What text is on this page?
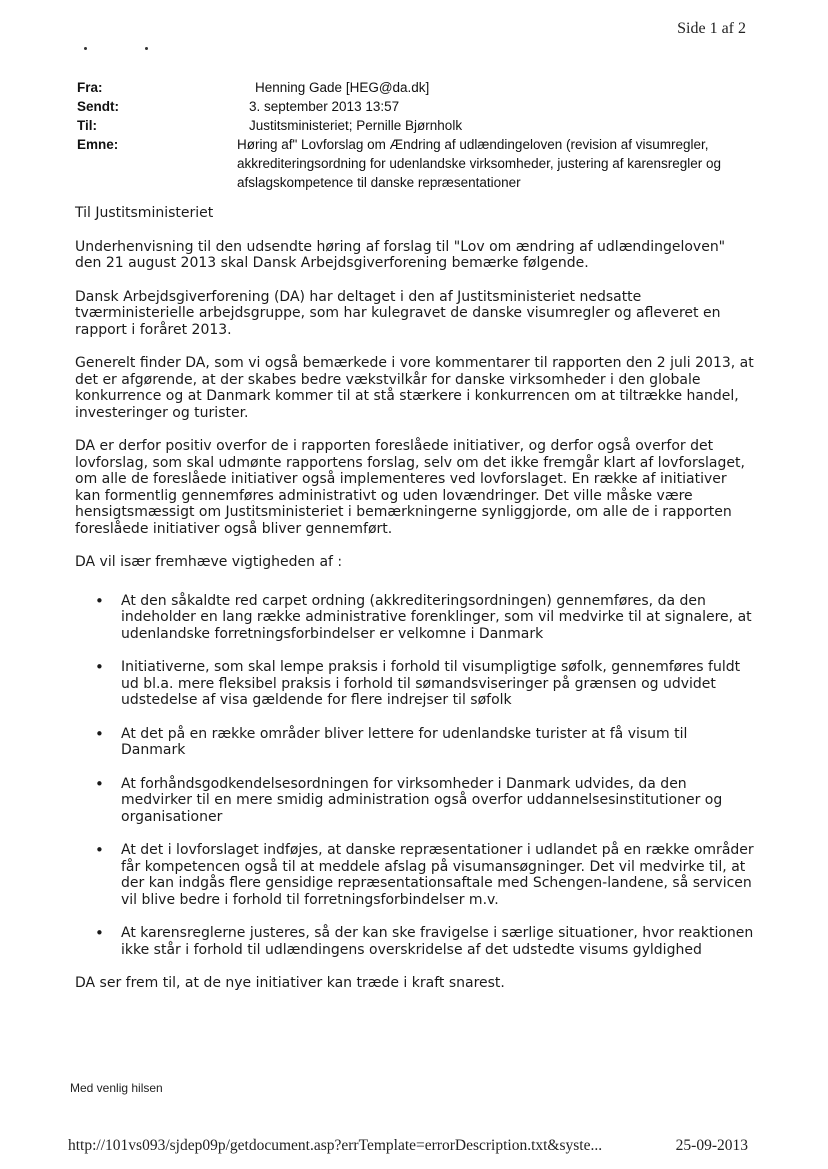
Side 1 af 2
Fra:	Henning Gade [HEG@da.dk]
Sendt:	3. september 2013 13:57
Til:	Justitsministeriet; Pernille Bjørnholk
Emne:	Høring af" Lovforslag om Ændring af udlændingeloven (revision af visumregler, akkrediteringsordning for udenlandske virksomheder, justering af karensregler og afslagskompetence til danske repræsentationer

Til Justitsministeriet

Underhenvisning til den udsendte høring af forslag til "Lov om ændring af udlændingeloven" den 21 august 2013 skal Dansk Arbejdsgiverforening bemærke følgende.

Dansk Arbejdsgiverforening (DA) har deltaget i den af Justitsministeriet nedsatte tværministerielle arbejdsgruppe, som har kulegravet de danske visumregler og afleveret en rapport i foråret 2013.

Generelt finder DA, som vi også bemærkede i vore kommentarer til rapporten den 2 juli 2013, at det er afgørende, at der skabes bedre vækstvilkår for danske virksomheder i den globale konkurrence og at Danmark kommer til at stå stærkere i konkurrencen om at tiltrække handel, investeringer og turister.

DA er derfor positiv overfor de i rapporten foreslåede initiativer, og derfor også overfor det lovforslag, som skal udmønte rapportens forslag, selv om det ikke fremgår klart af lovforslaget, om alle de foreslåede initiativer også implementeres ved lovforslaget. En række af initiativer kan formentlig gennemføres administrativt og uden lovændringer. Det ville måske være hensigtsmæssigt om Justitsministeriet i bemærkningerne synliggjorde, om alle de i rapporten foreslåede initiativer også bliver gennemført.

DA vil især fremhæve vigtigheden af :

• At den såkaldte red carpet ordning (akkrediteringsordningen) gennemføres, da den indeholder en lang række administrative forenklinger, som vil medvirke til at signalere, at udenlandske forretningsforbindelser er velkomne i Danmark
• Initiativerne, som skal lempe praksis i forhold til visumpligtige søfolk, gennemføres fuldt ud bl.a. mere fleksibel praksis i forhold til sømandsviseringer på grænsen og udvidet udstedelse af visa gældende for flere indrejser til søfolk
• At det på en række områder bliver lettere for udenlandske turister at få visum til Danmark
• At forhåndsgodkendelsesordningen for virksomheder i Danmark udvides, da den medvirker til en mere smidig administration også overfor uddannelsesinstitutioner og organisationer
• At det i lovforslaget indføjes, at danske repræsentationer i udlandet på en række områder får kompetencen også til at meddele afslag på visumansøgninger. Det vil medvirke til, at der kan indgås flere gensidige repræsentationsaftale med Schengen-landene, så servicen vil blive bedre i forhold til forretningsforbindelser m.v.
• At karensreglerne justeres, så der kan ske fravigelse i særlige situationer, hvor reaktionen ikke står i forhold til udlændingens overskridelse af det udstedte visums gyldighed

DA ser frem til, at de nye initiativer kan træde i kraft snarest.

Med venlig hilsen
http://101vs093/sjdep09p/getdocument.asp?errTemplate=errorDescription.txt&syste...	25-09-2013
